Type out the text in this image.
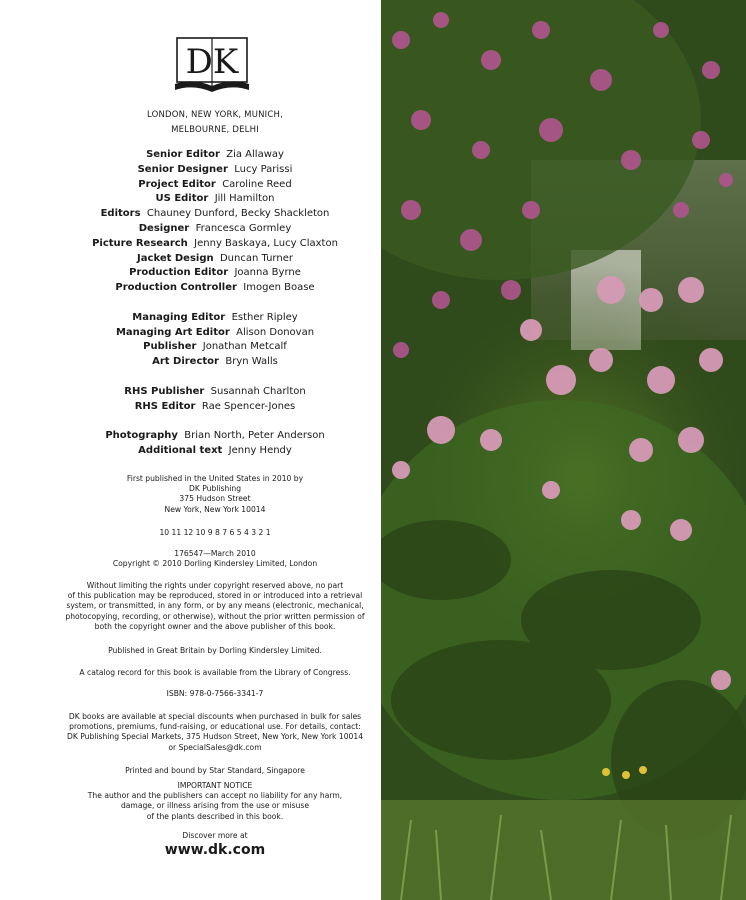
DK
LONDON, NEW YORK, MUNICH,
MELBOURNE, DELHI
Senior Editor Zia Allaway
Senior Designer Lucy Parissi
Project Editor Caroline Reed
US Editor Jill Hamilton
Editors Chauney Dunford, Becky Shackleton
Designer Francesca Gormley
Picture Research Jenny Baskaya, Lucy Claxton
Jacket Design Duncan Turner
Production Editor Joanna Byrne
Production Controller Imogen Boase
Managing Editor Esther Ripley
Managing Art Editor Alison Donovan
Publisher Jonathan Metcalf
Art Director Bryn Walls
RHS Publisher Susannah Charlton
RHS Editor Rae Spencer-Jones
Photography Brian North, Peter Anderson
Additional text Jenny Hendy
First published in the United States in 2010 by
DK Publishing
375 Hudson Street
New York, New York 10014
10 11 12 10 9 8 7 6 5 4 3 2 1
176547—March 2010
Copyright © 2010 Dorling Kindersley Limited, London
Without limiting the rights under copyright reserved above, no part
of this publication may be reproduced, stored in or introduced into a retrieval
system, or transmitted, in any form, or by any means (electronic, mechanical,
photocopying, recording, or otherwise), without the prior written permission of
both the copyright owner and the above publisher of this book.
Published in Great Britain by Dorling Kindersley Limited.
A catalog record for this book is available from the Library of Congress.
ISBN: 978-0-7566-3341-7
DK books are available at special discounts when purchased in bulk for sales
promotions, premiums, fund-raising, or educational use. For details, contact:
DK Publishing Special Markets, 375 Hudson Street, New York, New York 10014
or SpecialSales@dk.com
Printed and bound by Star Standard, Singapore
IMPORTANT NOTICE
The author and the publishers can accept no liability for any harm,
damage, or illness arising from the use or misuse
of the plants described in this book.
Discover more at
www.dk.com
